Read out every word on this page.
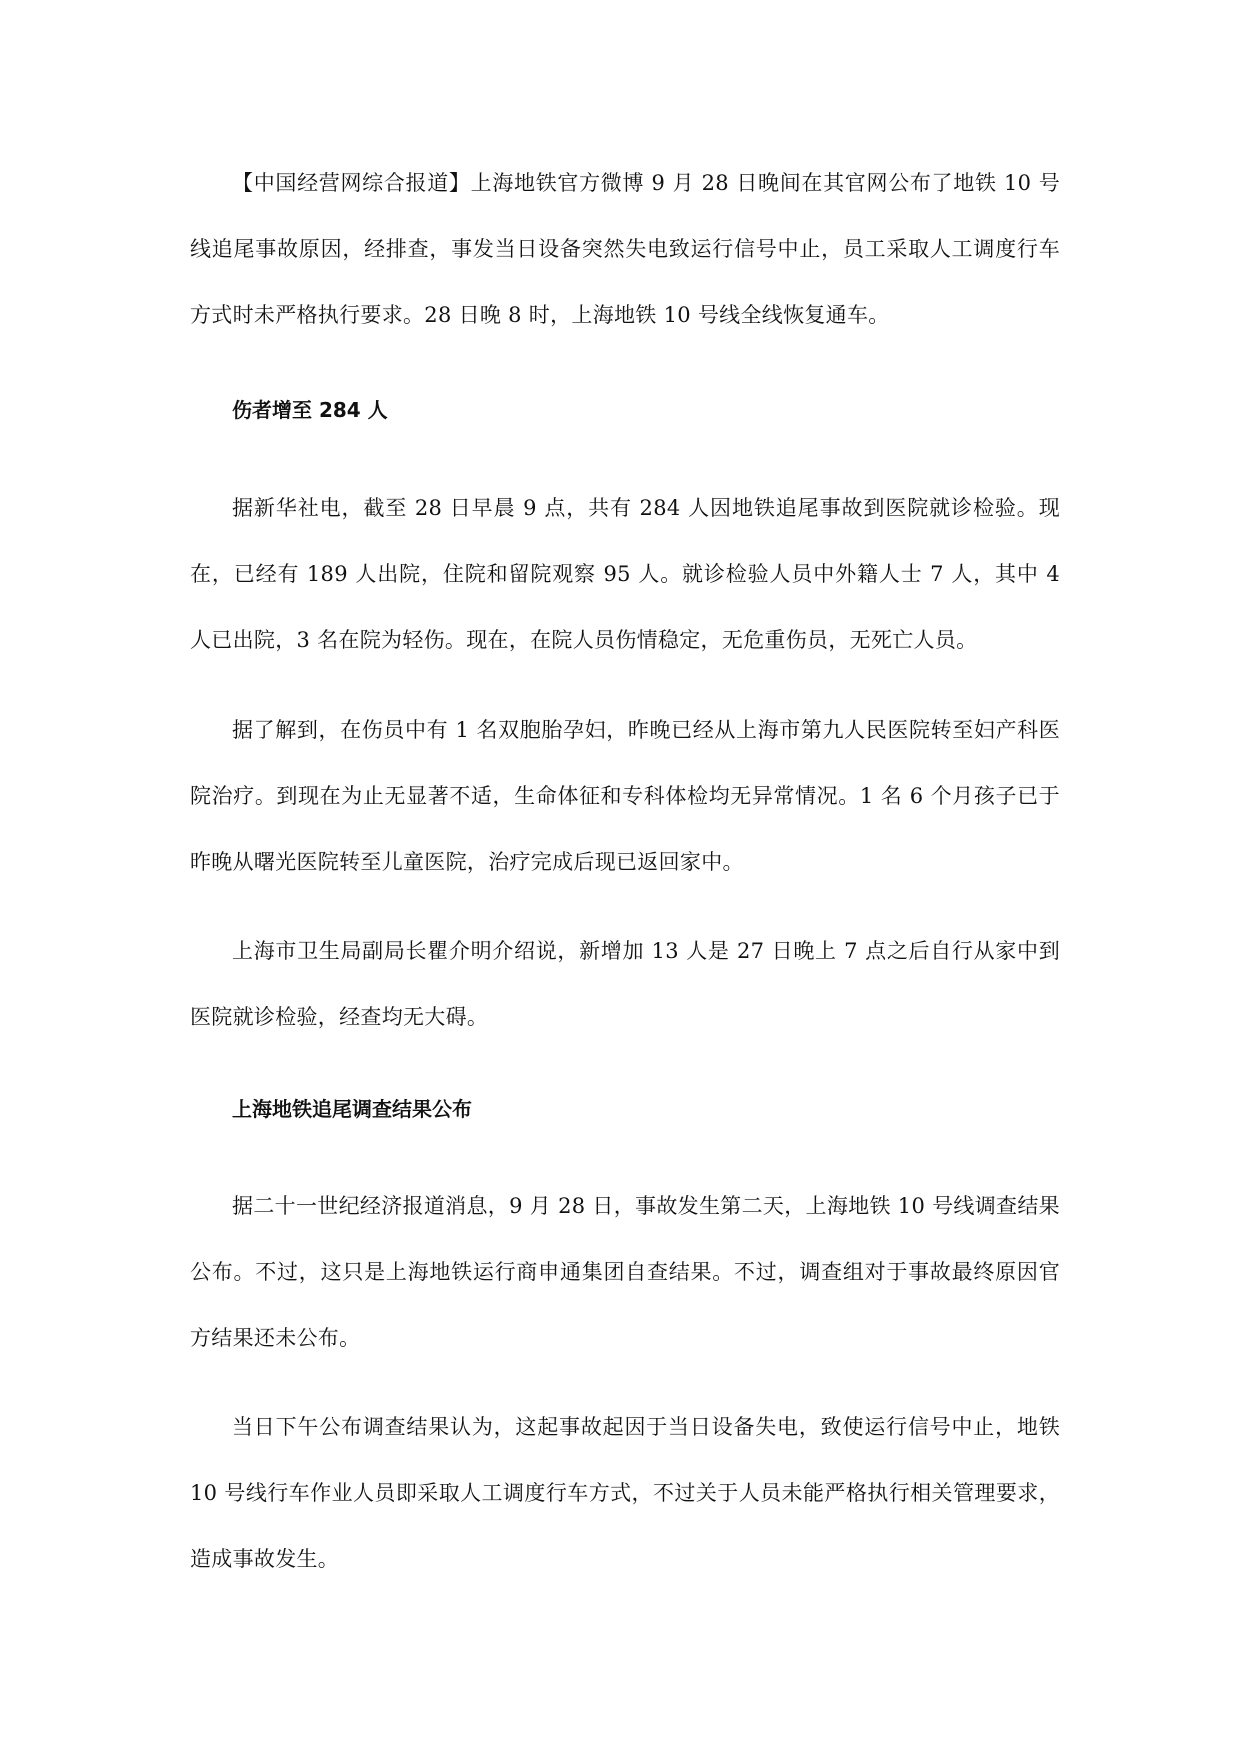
【中国经营网综合报道】上海地铁官方微博 9 月 28 日晚间在其官网公布了地铁 10 号线追尾事故原因，经排查，事发当日设备突然失电致运行信号中止，员工采取人工调度行车方式时未严格执行要求。28 日晚 8 时，上海地铁 10 号线全线恢复通车。

伤者增至 284 人

据新华社电，截至 28 日早晨 9 点，共有 284 人因地铁追尾事故到医院就诊检验。现在，已经有 189 人出院，住院和留院观察 95 人。就诊检验人员中外籍人士 7 人，其中 4 人已出院，3 名在院为轻伤。现在，在院人员伤情稳定，无危重伤员，无死亡人员。

据了解到，在伤员中有 1 名双胞胎孕妇，昨晚已经从上海市第九人民医院转至妇产科医院治疗。到现在为止无显著不适，生命体征和专科体检均无异常情况。1 名 6 个月孩子已于昨晚从曙光医院转至儿童医院，治疗完成后现已返回家中。

上海市卫生局副局长瞿介明介绍说，新增加 13 人是 27 日晚上 7 点之后自行从家中到医院就诊检验，经查均无大碍。

上海地铁追尾调查结果公布

据二十一世纪经济报道消息，9 月 28 日，事故发生第二天，上海地铁 10 号线调查结果公布。不过，这只是上海地铁运行商申通集团自查结果。不过，调查组对于事故最终原因官方结果还未公布。

当日下午公布调查结果认为，这起事故起因于当日设备失电，致使运行信号中止，地铁 10 号线行车作业人员即采取人工调度行车方式，不过关于人员未能严格执行相关管理要求，造成事故发生。
